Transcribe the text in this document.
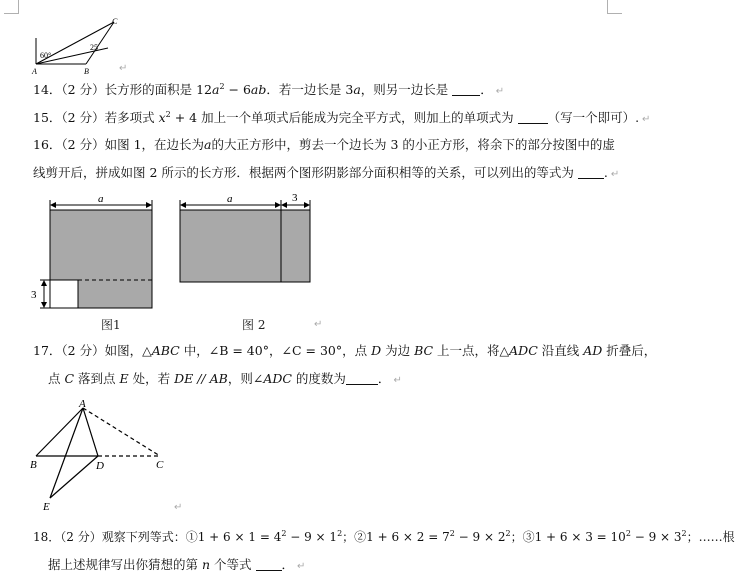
60°
25
A	B
C
↵
14．（2 分）长方形的面积是 $12a^2 - 6ab$．若一边长是 3a，则另一边长是 ． ↵
15．（2 分）若多项式 $x^2 + 4$ 加上一个单项式后能成为完全平方式，则加上的单项式为 （写一个即可）. ↵
16．（2 分）如图 1，在边长为a的大正方形中，剪去一个边长为 3 的小正方形，将余下的部分按图中的虚
线剪开后，拼成如图 2 所示的长方形．根据两个图形阴影部分面积相等的关系，可以列出的等式为 . ↵
a
3
图1
a	3
图 2	↵
17．（2 分）如图，△ABC 中，∠B = 40°，∠C = 30°，点 D 为边 BC 上一点，将△ADC 沿直线 AD 折叠后，
点 C 落到点 E 处，若 DE // AB，则∠ADC 的度数为	． ↵
A
B	D	C
E	↵
18．（2 分）观察下列等式：①1 + $6 \times 1 = 4^2 - 9 \times 1^2$；②1 + $6 \times 2 = 7^2 - 9 \times 2^2$；③1 + $6 \times 3 = 10^2 - 9 \times 3^2$；……根
据上述规律写出你猜想的第 n 个等式 ． ↵
